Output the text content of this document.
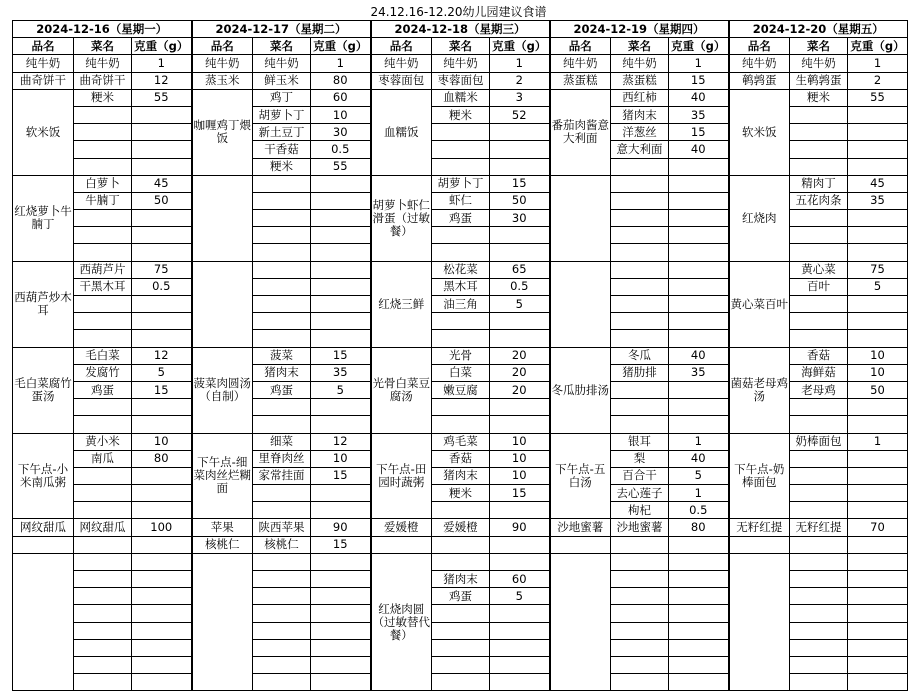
24.12.16-12.20幼儿园建议食谱
2024-12-16（星期一）			2024-12-17（星期二）			2024-12-18（星期三）			2024-12-19（星期四）			2024-12-20（星期五）		
品名	菜名	克重（g）	品名	菜名	克重（g）	品名	菜名	克重（g）	品名	菜名	克重（g）	品名	菜名	克重（g）
纯牛奶	纯牛奶	1	纯牛奶	纯牛奶	1	纯牛奶	纯牛奶	1	纯牛奶	纯牛奶	1	纯牛奶	纯牛奶	1
曲奇饼干	曲奇饼干	12	蒸玉米	鲜玉米	80	枣蓉面包	枣蓉面包	2	蒸蛋糕	蒸蛋糕	15	鹌鹑蛋	生鹌鹑蛋	2
软米饭	粳米	55	咖喱鸡丁煨饭	鸡丁	60	血糯饭	血糯米	3	番茄肉酱意大利面	西红柿	40	软米饭	粳米	55
				胡萝卜丁	10		粳米	52		猪肉末	35			
				新土豆丁	30					洋葱丝	15			
				干香菇	0.5					意大利面	40			
				粳米	55									
红烧萝卜牛腩丁	白萝卜	45				胡萝卜虾仁滑蛋（过敏餐）	胡萝卜丁	15				红烧肉	精肉丁	45
	牛腩丁	50					虾仁	50					五花肉条	35
							鸡蛋	30						

西葫芦炒木耳	西葫芦片	75				红烧三鲜	松花菜	65				黄心菜百叶	黄心菜	75
	干黑木耳	0.5					黑木耳	0.5					百叶	5
							油三角	5						

毛白菜腐竹蛋汤	毛白菜	12	菠菜肉圆汤（自制）	菠菜	15	光骨白菜豆腐汤	光骨	20	冬瓜肋排汤	冬瓜	40	菌菇老母鸡汤	香菇	10
	发腐竹	5		猪肉末	35		白菜	20		猪肋排	35		海鲜菇	10
	鸡蛋	15		鸡蛋	5		嫩豆腐	20					老母鸡	50

下午点-小米南瓜粥	黄小米	10	下午点-细菜肉丝烂糊面	细菜	12	下午点-田园时蔬粥	鸡毛菜	10	下午点-五白汤	银耳	1	下午点-奶棒面包	奶棒面包	1
	南瓜	80		里脊肉丝	10		香菇	10		梨	40			
				家常挂面	15		猪肉末	10		百合干	5			
							粳米	15		去心莲子	1			
										枸杞	0.5			
网纹甜瓜	网纹甜瓜	100	苹果	陕西苹果	90	爱媛橙	爱媛橙	90	沙地蜜薯	沙地蜜薯	80	无籽红提	无籽红提	70
			核桃仁	核桃仁	15									
						红烧肉圆（过敏替代餐）								
							猪肉末	60						
							鸡蛋	5						
